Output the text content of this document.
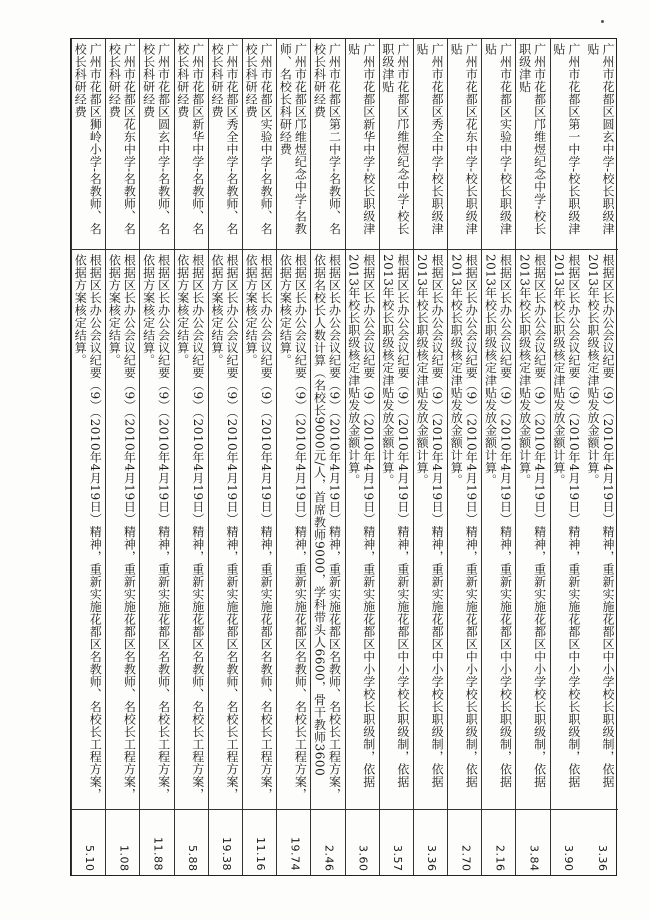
广州市花都区圆玄中学-校长职级津贴
根据区长办公会议纪要（9）（2010年4月19日）精神，重新实施花都区中小学校长职级制，依据2013年校长职级核定津贴发放金额计算。
3.36
广州市花都区第一中学-校长职级津贴
根据区长办公会议纪要（9）（2010年4月19日）精神，重新实施花都区中小学校长职级制，依据2013年校长职级核定津贴发放金额计算。
3.90
广州市花都区邝维煜纪念中学-校长职级津贴
根据区长办公会议纪要（9）（2010年4月19日）精神，重新实施花都区中小学校长职级制，依据2013年校长职级核定津贴发放金额计算。
3.84
广州市花都区实验中学-校长职级津贴
根据区长办公会议纪要（9）（2010年4月19日）精神，重新实施花都区中小学校长职级制，依据2013年校长职级核定津贴发放金额计算。
2.16
广州市花都区花东中学-校长职级津贴
根据区长办公会议纪要（9）（2010年4月19日）精神，重新实施花都区中小学校长职级制，依据2013年校长职级核定津贴发放金额计算。
2.70
广州市花都区秀全中学-校长职级津贴
根据区长办公会议纪要（9）（2010年4月19日）精神，重新实施花都区中小学校长职级制，依据2013年校长职级核定津贴发放金额计算。
3.36
广州市花都区邝维煜纪念中学-校长职级津贴
根据区长办公会议纪要（9）（2010年4月19日）精神，重新实施花都区中小学校长职级制，依据2013年校长职级核定津贴发放金额计算。
3.57
广州市花都区新华中学-校长职级津贴
根据区长办公会议纪要（9）（2010年4月19日）精神，重新实施花都区中小学校长职级制，依据2013年校长职级核定津贴发放金额计算。
3.60
广州市花都区第二中学-名教师、名校长科研经费
根据区长办公会议纪要（9）（2010年4月19日）精神，重新实施花都区名教师、名校长工程方案，依据名校长人数计算（名校长9000元/人，首席教师9000，学科带头人6600，骨干教师3600
2.46
广州市花都区邝维煜纪念中学-名教师、名校长科研经费
根据区长办公会议纪要（9）（2010年4月19日）精神，重新实施花都区名教师、名校长工程方案，依据方案核定结算。
19.74
广州市花都区实验中学-名教师、名校长科研经费
根据区长办公会议纪要（9）（2010年4月19日）精神，重新实施花都区名教师、名校长工程方案，依据方案核定结算。
11.16
广州市花都区秀全中学-名教师、名校长科研经费
根据区长办公会议纪要（9）（2010年4月19日）精神，重新实施花都区名教师、名校长工程方案，依据方案核定结算。
19.38
广州市花都区新华中学-名教师、名校长科研经费
根据区长办公会议纪要（9）（2010年4月19日）精神，重新实施花都区名教师、名校长工程方案，依据方案核定结算。
5.88
广州市花都区圆玄中学-名教师、名校长科研经费
根据区长办公会议纪要（9）（2010年4月19日）精神，重新实施花都区名教师、名校长工程方案，依据方案核定结算。
11.88
广州市花都区花东中学-名教师、名校长科研经费
根据区长办公会议纪要（9）（2010年4月19日）精神，重新实施花都区名教师、名校长工程方案，依据方案核定结算。
1.08
广州市花都区狮岭小学-名教师、名校长科研经费
根据区长办公会议纪要（9）（2010年4月19日）精神，重新实施花都区名教师、名校长工程方案，依据方案核定结算。
5.10
